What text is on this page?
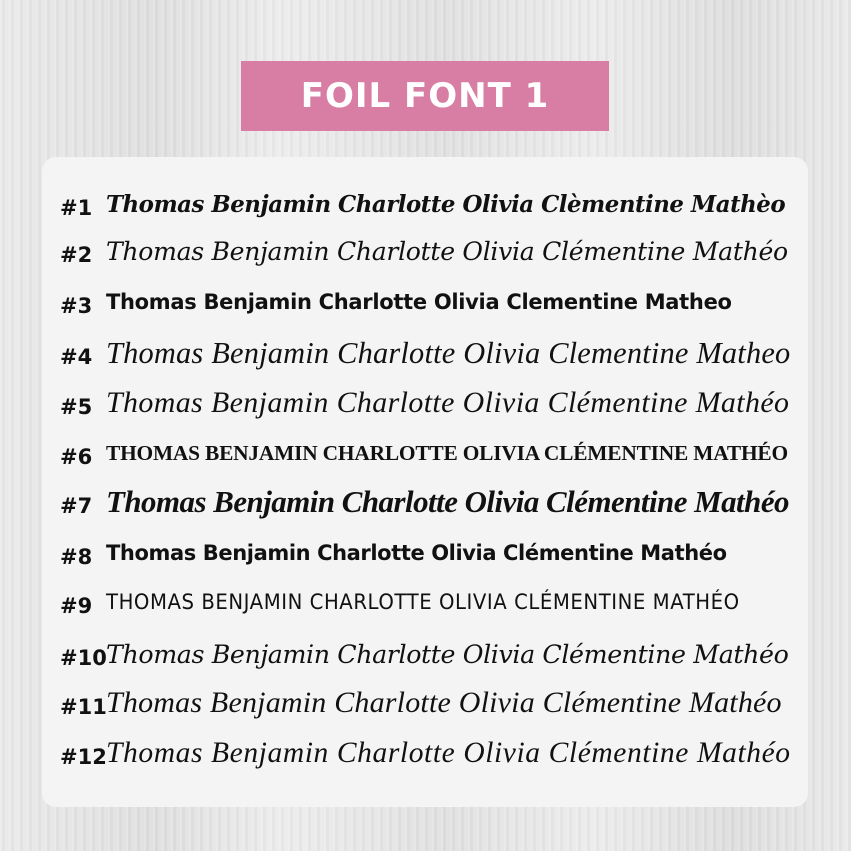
FOIL FONT 1
#1 Thomas Benjamin Charlotte Olivia Clèmentine Mathèo
#2 Thomas Benjamin Charlotte Olivia Clémentine Mathéo
#3 Thomas Benjamin Charlotte Olivia Clementine Matheo
#4 Thomas Benjamin Charlotte Olivia Clementine Matheo
#5 Thomas Benjamin Charlotte Olivia Clémentine Mathéo
#6 THOMAS BENJAMIN CHARLOTTE OLIVIA CLÉMENTINE MATHÉO
#7 Thomas Benjamin Charlotte Olivia Clémentine Mathéo
#8 Thomas Benjamin Charlotte Olivia Clémentine Mathéo
#9 THOMAS BENJAMIN CHARLOTTE OLIVIA CLÉMENTINE MATHÉO
#10 Thomas Benjamin Charlotte Olivia Clémentine Mathéo
#11 Thomas Benjamin Charlotte Olivia Clémentine Mathéo
#12 Thomas Benjamin Charlotte Olivia Clémentine Mathéo
